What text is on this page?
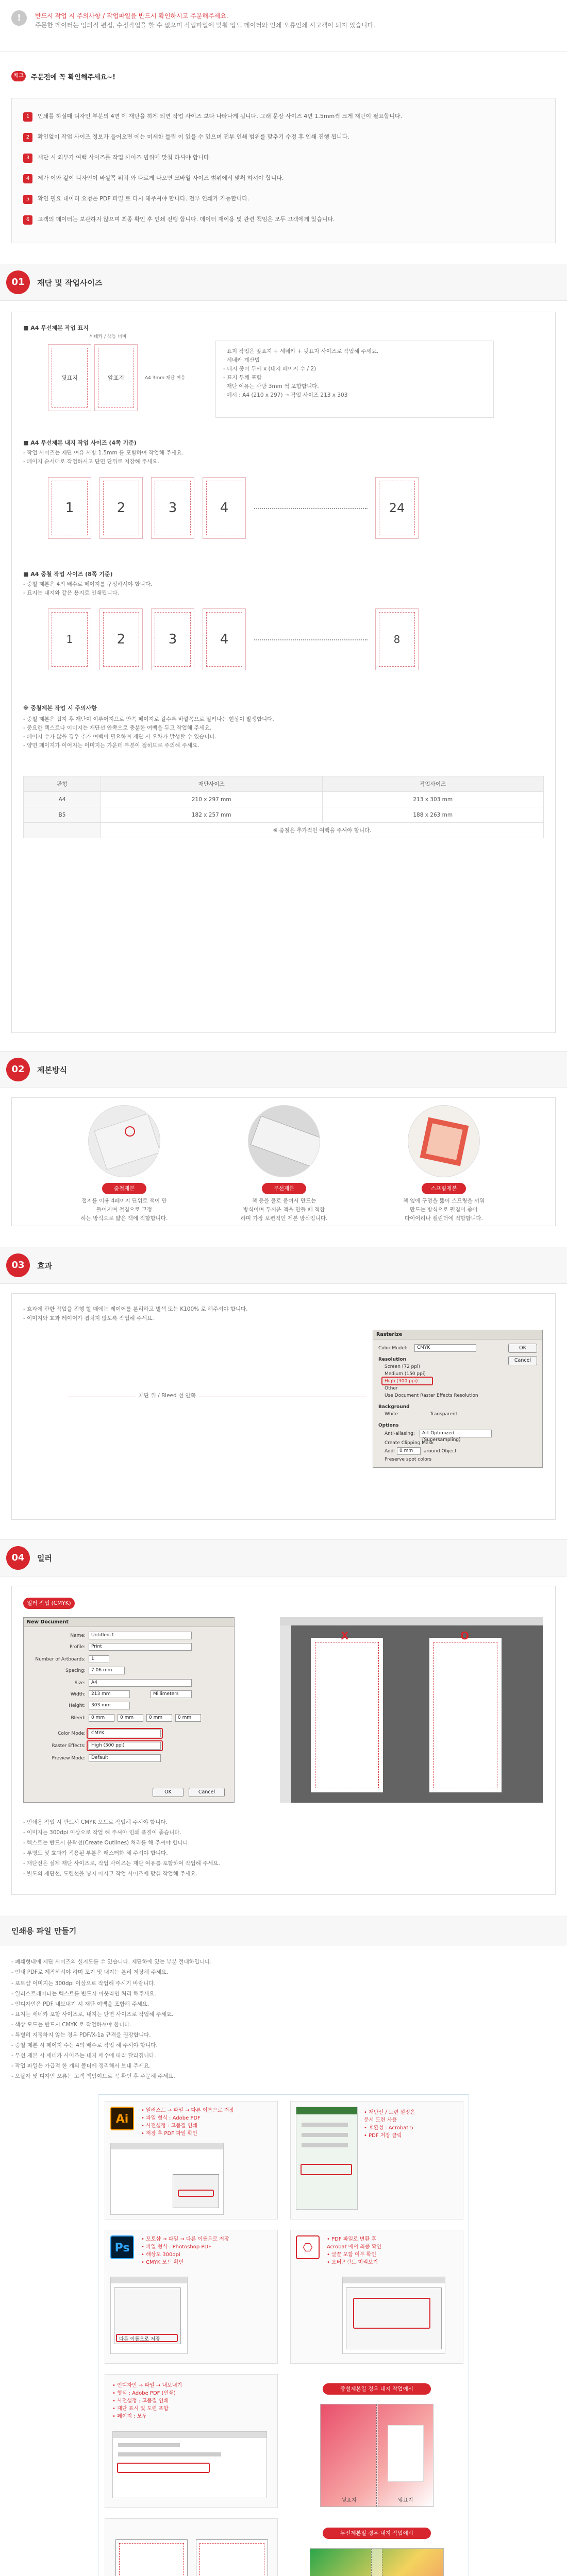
!	반드시 작업 시 주의사항 / 작업파일을 반드시 확인하시고 주문해주세요.
주문한 데이터는 임의적 편집, 수정작업을 할 수 없으며 작업파일에 맞춰 입도 데이터와 인쇄 오류인쇄 시고객이 되지 있습니다.
체크	주문전에 꼭 확인해주세요~!
1 인쇄를 하실때 디자인 부분의 4면 에 재단을 하게 되면 작업 사이즈 보다 나타나게 됩니다. 그래 문장 사이즈 4면 1.5mm씩 크게 재단이 필요합니다.
2 확인없이 작업 사이즈 정보가 들어오면 에는 미세한 틀림 이 있을 수 있으며 전부 인쇄 범위를 맞추기 수정 후 인쇄 진행 됩니다.
3 재단 시 외부가 여백 사이즈를 작업 사이즈 범위에 맞춰 하셔야 합니다.
4 제가 이와 같이 디자인이 바깥쪽 위치 와 다르게 나오면 모바일 사이즈 범위에서 맞춰 하셔야 합니다.
5 확인 필요 데이터 요청은 PDF 파일 로 다시 해주셔야 합니다. 전부 인쇄가 가능합니다.
6 고객의 데이터는 보관하지 않으며 최종 확인 후 인쇄 진행 합니다. 데이터 재이용 및 관련 책임은 모두 고객에게 있습니다.
01	재단 및 작업사이즈
■ A4 무선제본 작업 표지
뒷표지	앞표지
세네카 / 책등 너비
A4 3mm 재단 여유
· 표지 작업은 앞표지 + 세네카 + 뒷표지 사이즈로 작업해 주세요.
· 세네카 계산법
- 내지 종이 두께 x (내지 페이지 수 / 2)
- 표지 두께 포함
· 재단 여유는 사방 3mm 씩 포함합니다.
· 예시 : A4 (210 x 297) → 작업 사이즈 213 x 303
■ A4 무선제본 내지 작업 사이즈 (4쪽 기준)
- 작업 사이즈는 재단 여유 사방 1.5mm 를 포함하여 작업해 주세요.
- 페이지 순서대로 작업하시고 단면 단위로 저장해 주세요.
1	2	3	4	24
■ A4 중철 작업 사이즈 (8쪽 기준)
- 중철 제본은 4의 배수로 페이지를 구성하셔야 합니다.
- 표지는 내지와 같은 용지로 인쇄됩니다.
1	2	3	4	8
※ 중철제본 작업 시 주의사항
- 중철 제본은 접지 후 재단이 이루어지므로 안쪽 페이지로 갈수록 바깥쪽으로 밀려나는 현상이 발생합니다.
- 중요한 텍스트나 이미지는 재단선 안쪽으로 충분한 여백을 두고 작업해 주세요.
- 페이지 수가 많을 경우 추가 여백이 필요하며 재단 시 오차가 발생할 수 있습니다.
- 양면 페이지가 이어지는 이미지는 가운데 부분이 접히므로 주의해 주세요.
판형	재단사이즈	작업사이즈
A4	210 x 297 mm	213 x 303 mm
B5	182 x 257 mm	188 x 263 mm
	※ 중철은 추가적인 여백을 주셔야 합니다.	
02	제본방식
중철제본
접지를 이용 4페이지 단위로 책이 만
들어지며 철침으로 고정
하는 방식으로 얇은 책에 적합합니다.
무선제본
책 등을 풀로 붙여서 만드는
방식이며 두꺼운 책을 만들 때 적합
하며 가장 보편적인 제본 방식입니다.
스프링제본
책 옆에 구멍을 뚫어 스프링을 끼워
만드는 방식으로 펼침이 좋아
다이어리나 캘린더에 적합합니다.
03	효과
- 효과에 관한 작업을 진행 할 때에는 레이어를 분리하고 별색 또는 K100% 로 해주셔야 합니다.
- 이미지와 효과 레이어가 겹치지 않도록 작업해 주세요.
재단 위 / Bleed 선 안쪽
Rasterize
Color Model:	CMYK
Resolution
Screen (72 ppi)
Medium (150 ppi)
High (300 ppi)
Other
Use Document Raster Effects Resolution
Background
White	Transparent
Options
Anti-aliasing:	Art Optimized (Supersampling)
Create Clipping Mask
Add: 0 mm	around Object
Preserve spot colors
OK
Cancel
04	일러
일러 작업 (CMYK)
New Document
Name:	Untitled-1
Profile:	Print
Number of Artboards:	1
Spacing:	7.06 mm
Size:	A4
Width:	213 mm	Millimeters
Height:	303 mm
Bleed:	0 mm	0 mm	0 mm	0 mm
Color Mode:	CMYK
Raster Effects:	High (300 ppi)
Preview Mode:	Default
OK	Cancel
X	O
- 인쇄용 작업 시 반드시 CMYK 모드로 작업해 주셔야 합니다.
- 이미지는 300dpi 이상으로 작업 해 주셔야 인쇄 품질이 좋습니다.
- 텍스트는 반드시 윤곽선(Create Outlines) 처리를 해 주셔야 합니다.
- 투명도 및 효과가 적용된 부분은 래스터화 해 주셔야 합니다.
- 재단선은 실제 재단 사이즈로, 작업 사이즈는 재단 여유를 포함하여 작업해 주세요.
- 별도의 재단선, 도련선을 넣지 마시고 작업 사이즈에 맞춰 작업해 주세요.
인쇄용 파일 만들기
- 폐쇄형태에 제단 사이즈의 실지도를 수 있습니다. 제단하에 있는 부분 절대하입니다.
- 인쇄 PDF로 제작하셔야 하며 포기 및 내지는 분리 저장해 주세요.
- 포토샵 이미지는 300dpi 이상으로 작업해 주시기 바랍니다.
- 일러스트레이터는 텍스트를 반드시 아웃라인 처리 해주세요.
- 인디자인은 PDF 내보내기 시 재단 여백을 포함해 주세요.
- 표지는 세네카 포함 사이즈로, 내지는 단면 사이즈로 작업해 주세요.
- 색상 모드는 반드시 CMYK 로 작업하셔야 합니다.
- 특별히 지정하지 않는 경우 PDF/X-1a 규격을 권장합니다.
- 중철 제본 시 페이지 수는 4의 배수로 작업 해 주셔야 합니다.
- 무선 제본 시 세네카 사이즈는 내지 매수에 따라 달라집니다.
- 작업 파일은 가급적 한 개의 폴더에 정리해서 보내 주세요.
- 오탈자 및 디자인 오류는 고객 책임이므로 꼭 확인 후 주문해 주세요.
Ai
• 일러스트 → 파일 → 다른 이름으로 저장
• 파일 형식 : Adobe PDF
• 사전설정 : 고품질 인쇄
• 저장 후 PDF 파일 확인
• 재단선 / 도련 설정은
문서 도련 사용
• 호환성 : Acrobat 5
• PDF 저장 클릭
Ps
• 포토샵 → 파일 → 다른 이름으로 저장
• 파일 형식 : Photoshop PDF
• 해상도 300dpi
• CMYK 모드 확인
다른 이름으로 저장
⎔
• PDF 파일로 변환 후
Acrobat 에서 최종 확인
• 글꼴 포함 여부 확인
• 오버프린트 미리보기
• 인디자인 → 파일 → 내보내기
• 형식 : Adobe PDF (인쇄)
• 사전설정 : 고품질 인쇄
• 재단 표시 및 도련 포함
• 페이지 : 모두
중철제본일 경우 내지 작업예시
뒷표지	앞표지
무선제본일 경우 내지 작업예시
